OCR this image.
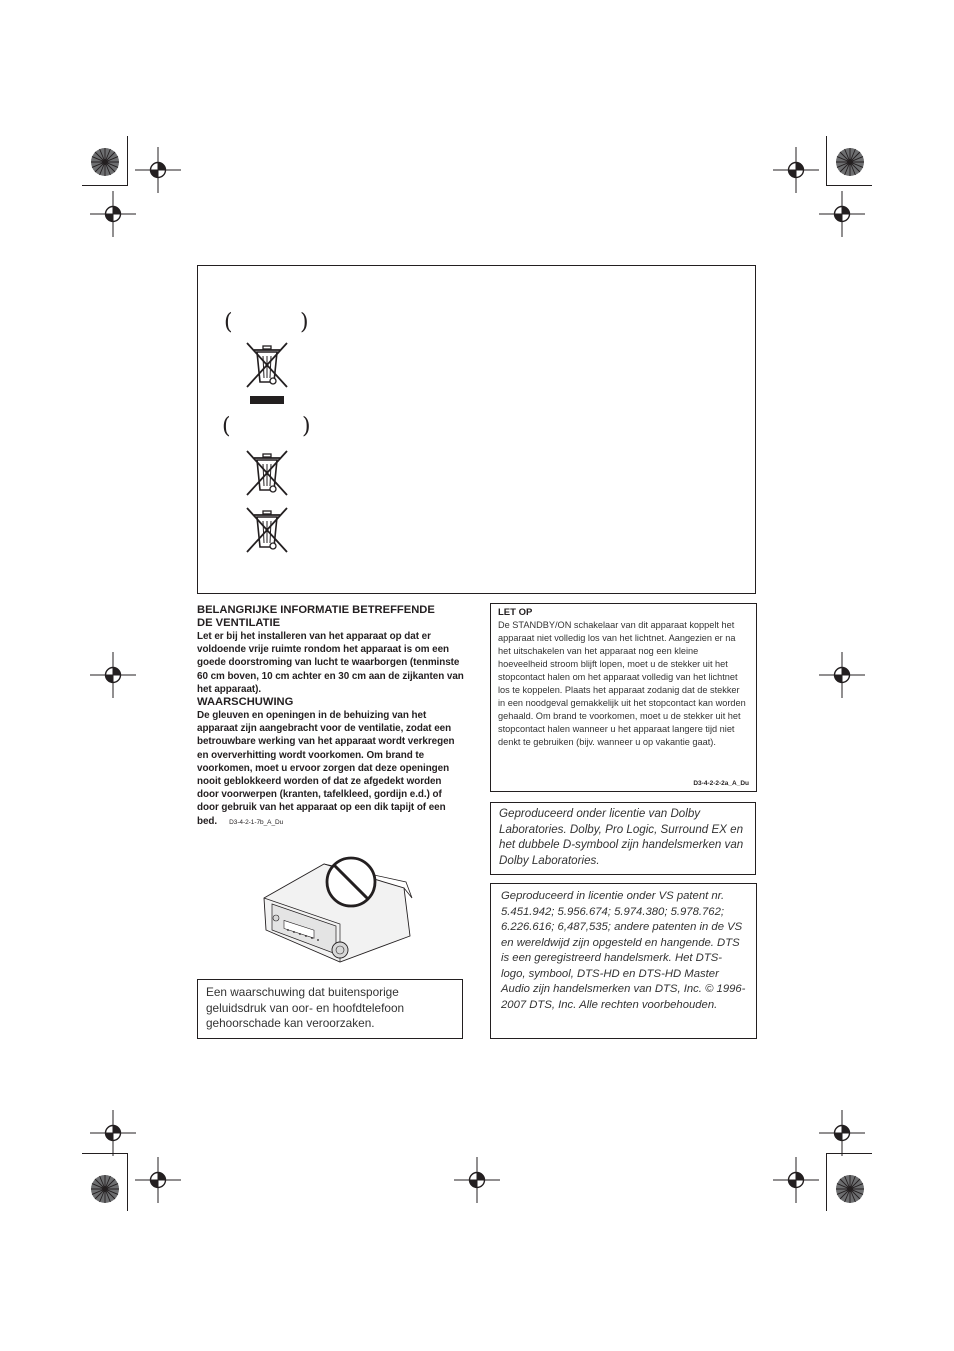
(	)
(	)
BELANGRIJKE INFORMATIE BETREFFENDE
DE VENTILATIE

Let er bij het installeren van het apparaat op dat er voldoende vrije ruimte rondom het apparaat is om een goede doorstroming van lucht te waarborgen (tenminste 60 cm boven, 10 cm achter en 30 cm aan de zijkanten van het apparaat).

WAARSCHUWING

De gleuven en openingen in de behuizing van het apparaat zijn aangebracht voor de ventilatie, zodat een betrouwbare werking van het apparaat wordt verkregen en oververhitting wordt voorkomen. Om brand te voorkomen, moet u ervoor zorgen dat deze openingen nooit geblokkeerd worden of dat ze afgedekt worden door voorwerpen (kranten, tafelkleed, gordijn e.d.) of door gebruik van het apparaat op een dik tapijt of een bed. D3-4-2-1-7b_A_Du

LET OP

De STANDBY/ON schakelaar van dit apparaat koppelt het apparaat niet volledig los van het lichtnet. Aangezien er na het uitschakelen van het apparaat nog een kleine hoeveelheid stroom blijft lopen, moet u de stekker uit het stopcontact halen om het apparaat volledig van het lichtnet los te koppelen. Plaats het apparaat zodanig dat de stekker in een noodgeval gemakkelijk uit het stopcontact kan worden gehaald. Om brand te voorkomen, moet u de stekker uit het stopcontact halen wanneer u het apparaat langere tijd niet denkt te gebruiken (bijv. wanneer u op vakantie gaat).

D3-4-2-2-2a_A_Du
Geproduceerd onder licentie van Dolby Laboratories. Dolby, Pro Logic, Surround EX en het dubbele D-symbool zijn handelsmerken van Dolby Laboratories.
Geproduceerd in licentie onder VS patent nr. 5.451.942; 5.956.674; 5.974.380; 5.978.762; 6.226.616; 6,487,535; andere patenten in de VS en wereldwijd zijn opgesteld en hangende. DTS is een geregistreerd handelsmerk. Het DTS-logo, symbool, DTS-HD en DTS-HD Master Audio zijn handelsmerken van DTS, Inc. © 1996-2007 DTS, Inc. Alle rechten voorbehouden.
Een waarschuwing dat buitensporige geluidsdruk van oor- en hoofdtelefoon gehoorschade kan veroorzaken.
